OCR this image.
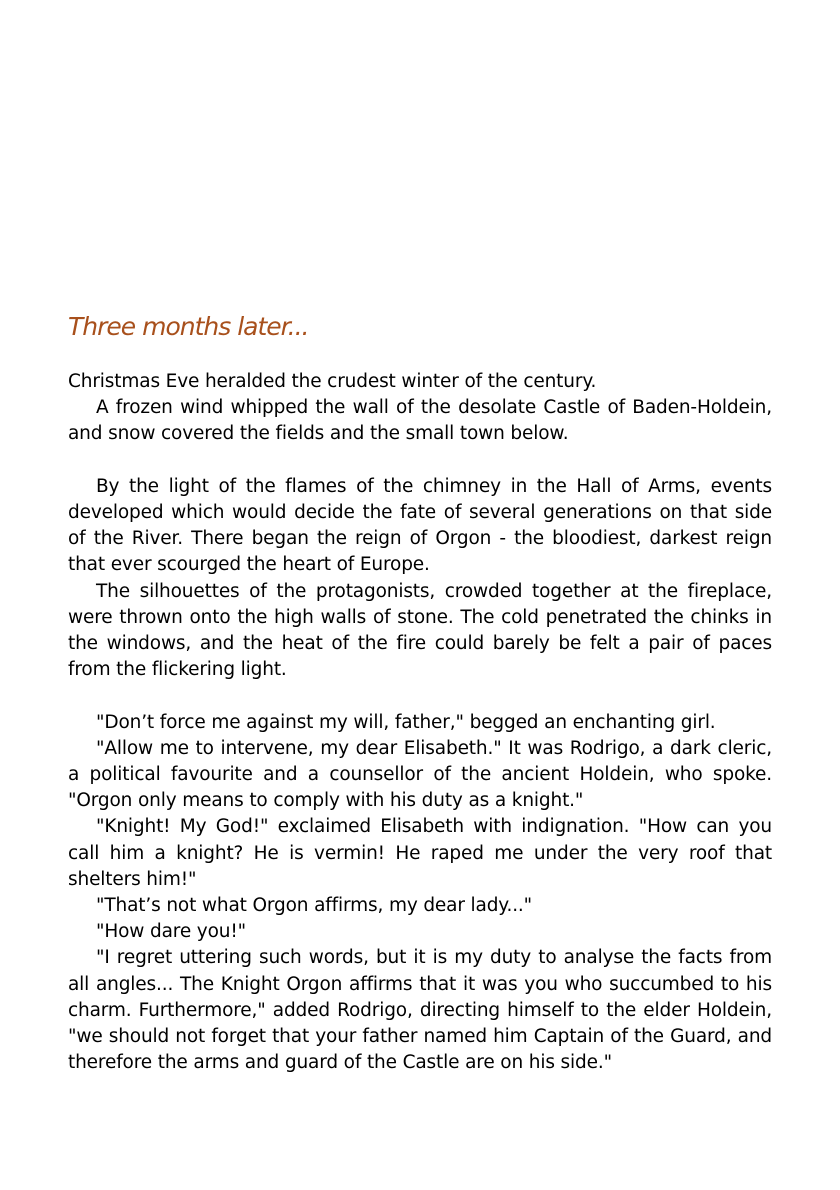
Three months later...

Christmas Eve heralded the crudest winter of the century.

A frozen wind whipped the wall of the desolate Castle of Baden-Holdein, and snow covered the fields and the small town below.

By the light of the flames of the chimney in the Hall of Arms, events developed which would decide the fate of several generations on that side of the River. There began the reign of Orgon - the bloodiest, darkest reign that ever scourged the heart of Europe.

The silhouettes of the protagonists, crowded together at the fireplace, were thrown onto the high walls of stone. The cold penetrated the chinks in the windows, and the heat of the fire could barely be felt a pair of paces from the flickering light.

"Don’t force me against my will, father," begged an enchanting girl.

"Allow me to intervene, my dear Elisabeth." It was Rodrigo, a dark cleric, a political favourite and a counsellor of the ancient Holdein, who spoke. "Orgon only means to comply with his duty as a knight."

"Knight! My God!" exclaimed Elisabeth with indignation. "How can you call him a knight? He is vermin! He raped me under the very roof that shelters him!"

"That’s not what Orgon affirms, my dear lady..."

"How dare you!"

"I regret uttering such words, but it is my duty to analyse the facts from all angles... The Knight Orgon affirms that it was you who succumbed to his charm. Furthermore," added Rodrigo, directing himself to the elder Holdein, "we should not forget that your father named him Captain of the Guard, and therefore the arms and guard of the Castle are on his side."
